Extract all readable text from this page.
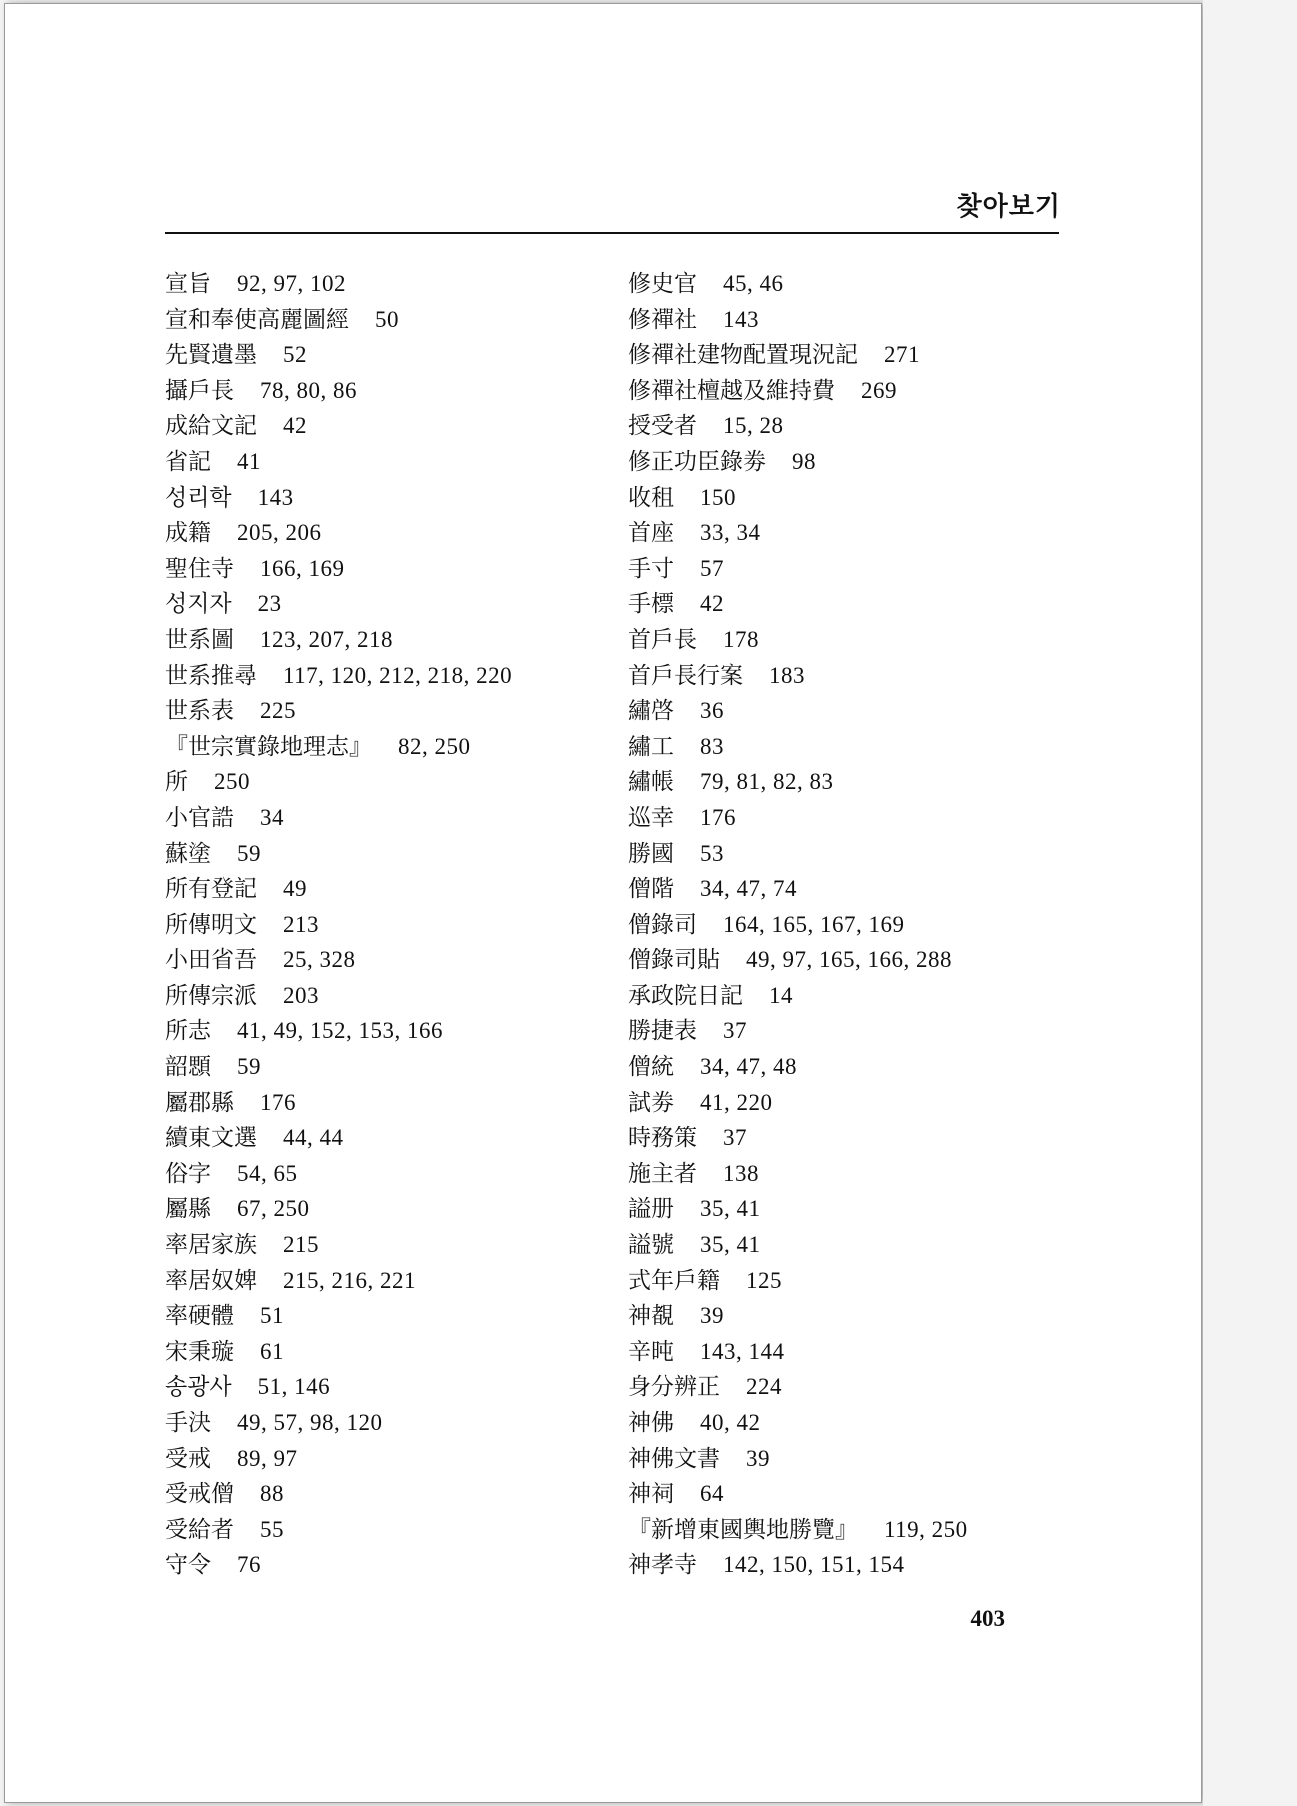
찾아보기
宣旨 92, 97, 102
宣和奉使高麗圖經 50
先賢遺墨 52
攝戶長 78, 80, 86
成給文記 42
省記 41
성리학 143
成籍 205, 206
聖住寺 166, 169
성지자 23
世系圖 123, 207, 218
世系推尋 117, 120, 212, 218, 220
世系表 225
『世宗實錄地理志』 82, 250
所 250
小官誥 34
蘇塗 59
所有登記 49
所傳明文 213
小田省吾 25, 328
所傳宗派 203
所志 41, 49, 152, 153, 166
韶顋 59
屬郡縣 176
續東文選 44, 44
俗字 54, 65
屬縣 67, 250
率居家族 215
率居奴婢 215, 216, 221
率硬體 51
宋秉璇 61
송광사 51, 146
手決 49, 57, 98, 120
受戒 89, 97
受戒僧 88
受給者 55
守令 76
修史官 45, 46
修禪社 143
修禪社建物配置現況記 271
修禪社檀越及維持費 269
授受者 15, 28
修正功臣錄劵 98
收租 150
首座 33, 34
手寸 57
手標 42
首戶長 178
首戶長行案 183
繡啓 36
繡工 83
繡帳 79, 81, 82, 83
巡幸 176
勝國 53
僧階 34, 47, 74
僧錄司 164, 165, 167, 169
僧錄司貼 49, 97, 165, 166, 288
承政院日記 14
勝捷表 37
僧統 34, 47, 48
試劵 41, 220
時務策 37
施主者 138
謚册 35, 41
謚號 35, 41
式年戶籍 125
神覩 39
辛旽 143, 144
身分辨正 224
神佛 40, 42
神佛文書 39
神祠 64
『新增東國輿地勝覽』 119, 250
神孝寺 142, 150, 151, 154
403
